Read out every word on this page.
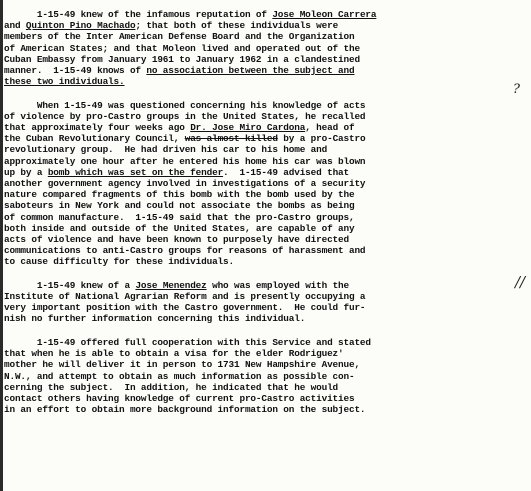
1-15-49 knew of the infamous reputation of Jose Moleon Carrera
and Quinton Pino Machado; that both of these individuals were
members of the Inter American Defense Board and the Organization
of American States; and that Moleon lived and operated out of the
Cuban Embassy from January 1961 to January 1962 in a clandestined
manner.  1-15-49 knows of no association between the subject and
these two individuals.
When 1-15-49 was questioned concerning his knowledge of acts
of violence by pro-Castro groups in the United States, he recalled
that approximately four weeks ago Dr. Jose Miro Cardona, head of
the Cuban Revolutionary Council, was almost killed by a pro-Castro
revolutionary group.  He had driven his car to his home and
approximately one hour after he entered his home his car was blown
up by a bomb which was set on the fender.  1-15-49 advised that
another government agency involved in investigations of a security
nature compared fragments of this bomb with the bomb used by the
saboteurs in New York and could not associate the bombs as being
of common manufacture.  1-15-49 said that the pro-Castro groups,
both inside and outside of the United States, are capable of any
acts of violence and have been known to purposely have directed
communications to anti-Castro groups for reasons of harassment and
to cause difficulty for these individuals.
1-15-49 knew of a Jose Menendez who was employed with the
Institute of National Agrarian Reform and is presently occupying a
very important position with the Castro government.  He could fur-
nish no further information concerning this individual.
1-15-49 offered full cooperation with this Service and stated
that when he is able to obtain a visa for the elder Rodriguez'
mother he will deliver it in person to 1731 New Hampshire Avenue,
N.W., and attempt to obtain as much information as possible con-
cerning the subject.  In addition, he indicated that he would
contact others having knowledge of current pro-Castro activities
in an effort to obtain more background information on the subject.
?
//
